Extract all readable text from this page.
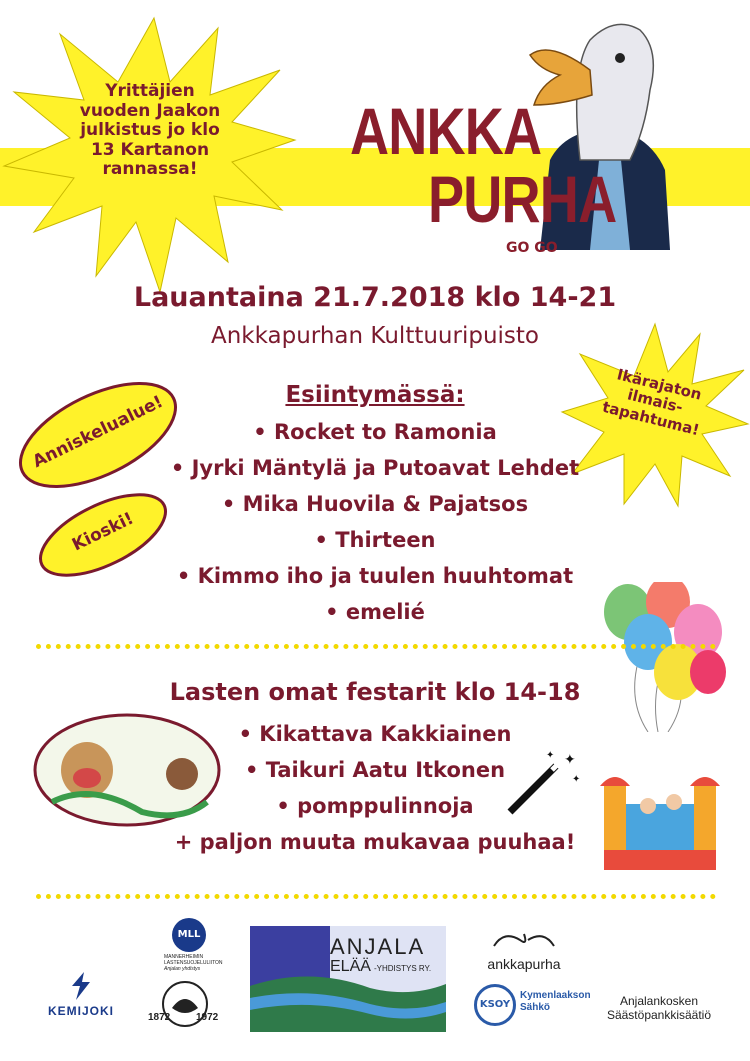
Yrittäjien vuoden Jaakon julkistus jo klo 13 Kartanon rannassa!
ANKKA
PURHA
GO GO
Lauantaina 21.7.2018 klo 14-21
Ankkapurhan Kulttuuripuisto
Anniskelualue!
Kioski!
Ikärajaton ilmais-tapahtuma!
Esiintymässä:
• Rocket to Ramonia
• Jyrki Mäntylä ja Putoavat Lehdet
• Mika Huovila & Pajatsos
• Thirteen
• Kimmo iho ja tuulen huuhtomat
• emelié
Lasten omat festarit klo 14-18
• Kikattava Kakkiainen
• Taikuri Aatu Itkonen
• pomppulinnoja
+ paljon muuta mukavaa puuhaa!
✦
✦
✦
KEMIJOKI
MLL
MANNERHEIMIN
LASTENSUOJELULIITON
Anjalan yhdistys
1872	1972
ANJALA
ELÄÄ -YHDISTYS RY.	ankkapurha
KSOY
Kymenlaakson
Sähkö	Anjalankosken
Säästöpankkisäätiö
